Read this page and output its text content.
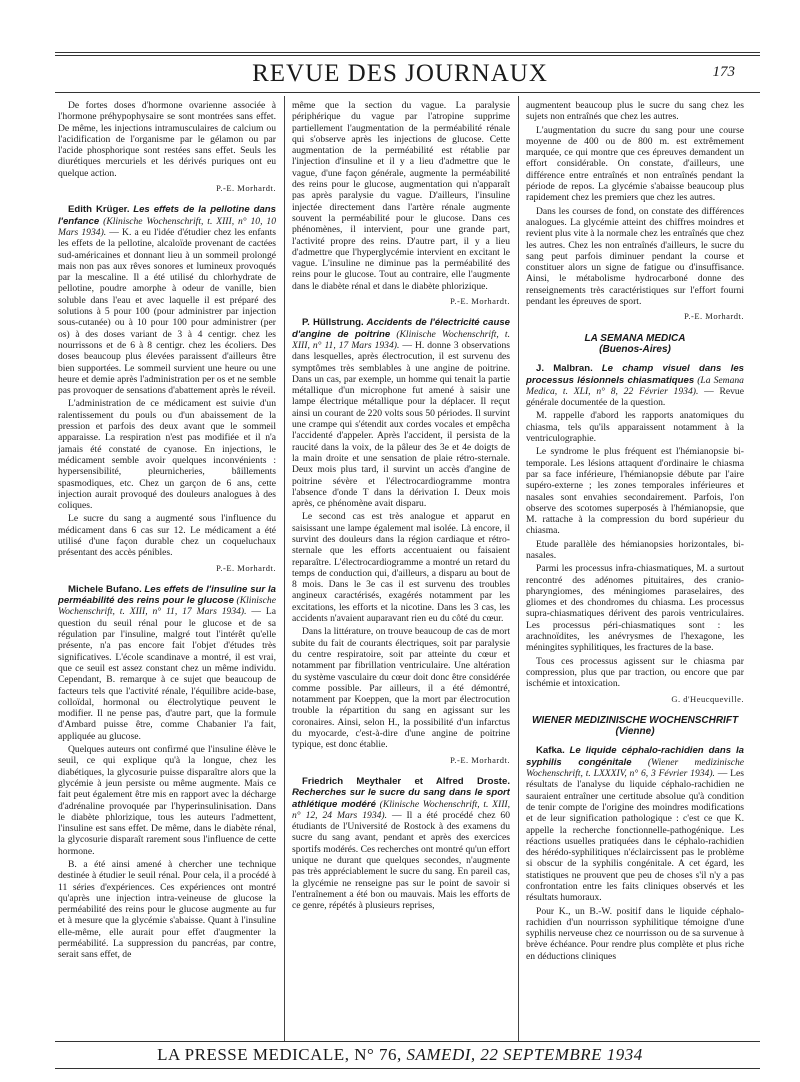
REVUE DES JOURNAUX	173

De fortes doses d'hormone ovarienne associée à l'hormone préhypophysaire se sont montrées sans effet. De même, les injections intramusculaires de calcium ou l'acidification de l'organisme par le gélamon ou par l'acide phosphorique sont restées sans effet. Seuls les diurétiques mercuriels et les dérivés puriques ont eu quelque action.

P.-E. Morhardt.

Edith Krüger. Les effets de la pellotine dans l'enfance (Klinische Wochenschrift, t. XIII, n° 10, 10 Mars 1934). — K. a eu l'idée d'étudier chez les enfants les effets de la pellotine, alcaloïde provenant de cactées sud-américaines et donnant lieu à un sommeil prolongé mais non pas aux rêves sonores et lumineux provoqués par la mescaline. Il a été utilisé du chlorhydrate de pellotine, poudre amorphe à odeur de vanille, bien soluble dans l'eau et avec laquelle il est préparé des solutions à 5 pour 100 (pour administrer par injection sous-cutanée) ou à 10 pour 100 pour administrer (per os) à des doses variant de 3 à 4 centigr. chez les nourrissons et de 6 à 8 centigr. chez les écoliers. Des doses beaucoup plus élevées paraissent d'ailleurs être bien supportées. Le sommeil survient une heure ou une heure et demie après l'administration per os et ne semble pas provoquer de sensations d'abattement après le réveil.

L'administration de ce médicament est suivie d'un ralentissement du pouls ou d'un abaissement de la pression et parfois des deux avant que le sommeil apparaisse. La respiration n'est pas modifiée et il n'a jamais été constaté de cyanose. En injections, le médicament semble avoir quelques inconvénients : hypersensibilité, pleurnicheries, bâillements spasmodiques, etc. Chez un garçon de 6 ans, cette injection aurait provoqué des douleurs analogues à des coliques.

Le sucre du sang a augmenté sous l'influence du médicament dans 6 cas sur 12. Le médicament a été utilisé d'une façon durable chez un coqueluchaux présentant des accès pénibles.

P.-E. Morhardt.

Michele Bufano. Les effets de l'insuline sur la perméabilité des reins pour le glucose (Klinische Wochenschrift, t. XIII, n° 11, 17 Mars 1934). — La question du seuil rénal pour le glucose et de sa régulation par l'insuline, malgré tout l'intérêt qu'elle présente, n'a pas encore fait l'objet d'études très significatives. L'école scandinave a montré, il est vrai, que ce seuil est assez constant chez un même individu. Cependant, B. remarque à ce sujet que beaucoup de facteurs tels que l'activité rénale, l'équilibre acide-base, colloïdal, hormonal ou électrolytique peuvent le modifier. Il ne pense pas, d'autre part, que la formule d'Ambard puisse être, comme Chabanier l'a fait, appliquée au glucose.

Quelques auteurs ont confirmé que l'insuline élève le seuil, ce qui explique qu'à la longue, chez les diabétiques, la glycosurie puisse disparaître alors que la glycémie à jeun persiste ou même augmente. Mais ce fait peut également être mis en rapport avec la décharge d'adrénaline provoquée par l'hyperinsulinisation. Dans le diabète phlorizique, tous les auteurs l'admettent, l'insuline est sans effet. De même, dans le diabète rénal, la glycosurie disparaît rarement sous l'influence de cette hormone.

B. a été ainsi amené à chercher une technique destinée à étudier le seuil rénal. Pour cela, il a procédé à 11 séries d'expériences. Ces expériences ont montré qu'après une injection intra-veineuse de glucose la perméabilité des reins pour le glucose augmente au fur et à mesure que la glycémie s'abaisse. Quant à l'insuline elle-même, elle aurait pour effet d'augmenter la perméabilité. La suppression du pancréas, par contre, serait sans effet, de

même que la section du vague. La paralysie périphérique du vague par l'atropine supprime partiellement l'augmentation de la perméabilité rénale qui s'observe après les injections de glucose. Cette augmentation de la perméabilité est rétablie par l'injection d'insuline et il y a lieu d'admettre que le vague, d'une façon générale, augmente la perméabilité des reins pour le glucose, augmentation qui n'apparaît pas après paralysie du vague. D'ailleurs, l'insuline injectée directement dans l'artère rénale augmente souvent la perméabilité pour le glucose. Dans ces phénomènes, il intervient, pour une grande part, l'activité propre des reins. D'autre part, il y a lieu d'admettre que l'hyperglycémie intervient en excitant le vague. L'insuline ne diminue pas la perméabilité des reins pour le glucose. Tout au contraire, elle l'augmente dans le diabète rénal et dans le diabète phlorizique.

P.-E. Morhardt.

P. Hüllstrung. Accidents de l'électricité cause d'angine de poitrine (Klinische Wochenschrift, t. XIII, n° 11, 17 Mars 1934). — H. donne 3 observations dans lesquelles, après électrocution, il est survenu des symptômes très semblables à une angine de poitrine. Dans un cas, par exemple, un homme qui tenait la partie métallique d'un microphone fut amené à saisir une lampe électrique métallique pour la déplacer. Il reçut ainsi un courant de 220 volts sous 50 périodes. Il survint une crampe qui s'étendit aux cordes vocales et empêcha l'accidenté d'appeler. Après l'accident, il persista de la raucité dans la voix, de la pâleur des 3e et 4e doigts de la main droite et une sensation de plaie rétro-sternale. Deux mois plus tard, il survint un accès d'angine de poitrine sévère et l'électrocardiogramme montra l'absence d'onde T dans la dérivation I. Deux mois après, ce phénomène avait disparu.

Le second cas est très analogue et apparut en saisissant une lampe également mal isolée. Là encore, il survint des douleurs dans la région cardiaque et rétro-sternale que les efforts accentuaient ou faisaient reparaître. L'électrocardiogramme a montré un retard du temps de conduction qui, d'ailleurs, a disparu au bout de 8 mois. Dans le 3e cas il est survenu des troubles angineux caractérisés, exagérés notamment par les excitations, les efforts et la nicotine. Dans les 3 cas, les accidents n'avaient auparavant rien eu du côté du cœur.

Dans la littérature, on trouve beaucoup de cas de mort subite du fait de courants électriques, soit par paralysie du centre respiratoire, soit par atteinte du cœur et notamment par fibrillation ventriculaire. Une altération du système vasculaire du cœur doit donc être considérée comme possible. Par ailleurs, il a été démontré, notamment par Koeppen, que la mort par électrocution trouble la répartition du sang en agissant sur les coronaires. Ainsi, selon H., la possibilité d'un infarctus du myocarde, c'est-à-dire d'une angine de poitrine typique, est donc établie.

P.-E. Morhardt.

Friedrich Meythaler et Alfred Droste. Recherches sur le sucre du sang dans le sport athlétique modéré (Klinische Wochenschrift, t. XIII, n° 12, 24 Mars 1934). — Il a été procédé chez 60 étudiants de l'Université de Rostock à des examens du sucre du sang avant, pendant et après des exercices sportifs modérés. Ces recherches ont montré qu'un effort unique ne durant que quelques secondes, n'augmente pas très appréciablement le sucre du sang. En pareil cas, la glycémie ne renseigne pas sur le point de savoir si l'entraînement a été bon ou mauvais. Mais les efforts de ce genre, répétés à plusieurs reprises,

augmentent beaucoup plus le sucre du sang chez les sujets non entraînés que chez les autres.

L'augmentation du sucre du sang pour une course moyenne de 400 ou de 800 m. est extrêmement marquée, ce qui montre que ces épreuves demandent un effort considérable. On constate, d'ailleurs, une différence entre entraînés et non entraînés pendant la période de repos. La glycémie s'abaisse beaucoup plus rapidement chez les premiers que chez les autres.

Dans les courses de fond, on constate des différences analogues. La glycémie atteint des chiffres moindres et revient plus vite à la normale chez les entraînés que chez les autres. Chez les non entraînés d'ailleurs, le sucre du sang peut parfois diminuer pendant la course et constituer alors un signe de fatigue ou d'insuffisance. Ainsi, le métabolisme hydrocarboné donne des renseignements très caractéristiques sur l'effort fourni pendant les épreuves de sport.

P.-E. Morhardt.

LA SEMANA MEDICA
(Buenos-Aires)

J. Malbran. Le champ visuel dans les processus lésionnels chiasmatiques (La Semana Medica, t. XLI, n° 8, 22 Février 1934). — Revue générale documentée de la question.

M. rappelle d'abord les rapports anatomiques du chiasma, tels qu'ils apparaissent notamment à la ventriculographie.

Le syndrome le plus fréquent est l'hémianopsie bi-temporale. Les lésions attaquent d'ordinaire le chiasma par sa face inférieure, l'hémianopsie débute par l'aire supéro-externe ; les zones temporales inférieures et nasales sont envahies secondairement. Parfois, l'on observe des scotomes superposés à l'hémianopsie, que M. rattache à la compression du bord supérieur du chiasma.

Etude parallèle des hémianopsies horizontales, bi-nasales.

Parmi les processus infra-chiasmatiques, M. a surtout rencontré des adénomes pituitaires, des cranio-pharyngiomes, des méningiomes paraselaires, des gliomes et des chondromes du chiasma. Les processus supra-chiasmatiques dérivent des parois ventriculaires. Les processus péri-chiasmatiques sont : les arachnoïdites, les anévrysmes de l'hexagone, les méningites syphilitiques, les fractures de la base.

Tous ces processus agissent sur le chiasma par compression, plus que par traction, ou encore que par ischémie et intoxication.

G. d'Heucqueville.

WIENER MEDIZINISCHE WOCHENSCHRIFT
(Vienne)

Kafka. Le liquide céphalo-rachidien dans la syphilis congénitale (Wiener medizinische Wochenschrift, t. LXXXIV, n° 6, 3 Février 1934). — Les résultats de l'analyse du liquide céphalo-rachidien ne sauraient entraîner une certitude absolue qu'à condition de tenir compte de l'origine des moindres modifications et de leur signification pathologique : c'est ce que K. appelle la recherche fonctionnelle-pathogénique. Les réactions usuelles pratiquées dans le céphalo-rachidien des hérédo-syphilitiques n'éclaircissent pas le problème si obscur de la syphilis congénitale. A cet égard, les statistiques ne prouvent que peu de choses s'il n'y a pas confrontation entre les faits cliniques observés et les résultats humoraux.

Pour K., un B.-W. positif dans le liquide céphalo-rachidien d'un nourrisson syphilitique témoigne d'une syphilis nerveuse chez ce nourrisson ou de sa survenue à brève échéance. Pour rendre plus complète et plus riche en déductions cliniques

LA PRESSE MEDICALE, N° 76, SAMEDI, 22 SEPTEMBRE 1934
